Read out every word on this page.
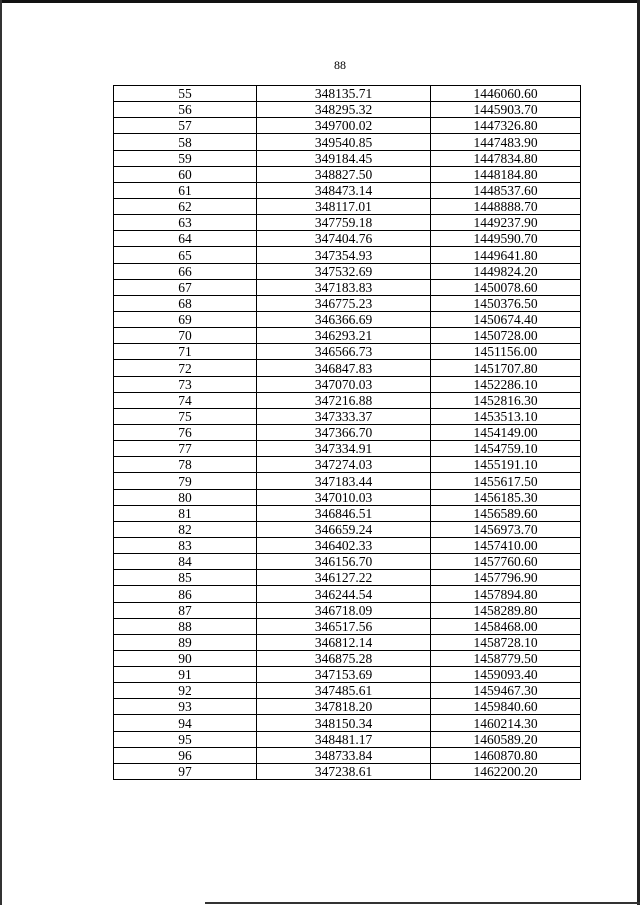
88
55	348135.71	1446060.60
56	348295.32	1445903.70
57	349700.02	1447326.80
58	349540.85	1447483.90
59	349184.45	1447834.80
60	348827.50	1448184.80
61	348473.14	1448537.60
62	348117.01	1448888.70
63	347759.18	1449237.90
64	347404.76	1449590.70
65	347354.93	1449641.80
66	347532.69	1449824.20
67	347183.83	1450078.60
68	346775.23	1450376.50
69	346366.69	1450674.40
70	346293.21	1450728.00
71	346566.73	1451156.00
72	346847.83	1451707.80
73	347070.03	1452286.10
74	347216.88	1452816.30
75	347333.37	1453513.10
76	347366.70	1454149.00
77	347334.91	1454759.10
78	347274.03	1455191.10
79	347183.44	1455617.50
80	347010.03	1456185.30
81	346846.51	1456589.60
82	346659.24	1456973.70
83	346402.33	1457410.00
84	346156.70	1457760.60
85	346127.22	1457796.90
86	346244.54	1457894.80
87	346718.09	1458289.80
88	346517.56	1458468.00
89	346812.14	1458728.10
90	346875.28	1458779.50
91	347153.69	1459093.40
92	347485.61	1459467.30
93	347818.20	1459840.60
94	348150.34	1460214.30
95	348481.17	1460589.20
96	348733.84	1460870.80
97	347238.61	1462200.20
